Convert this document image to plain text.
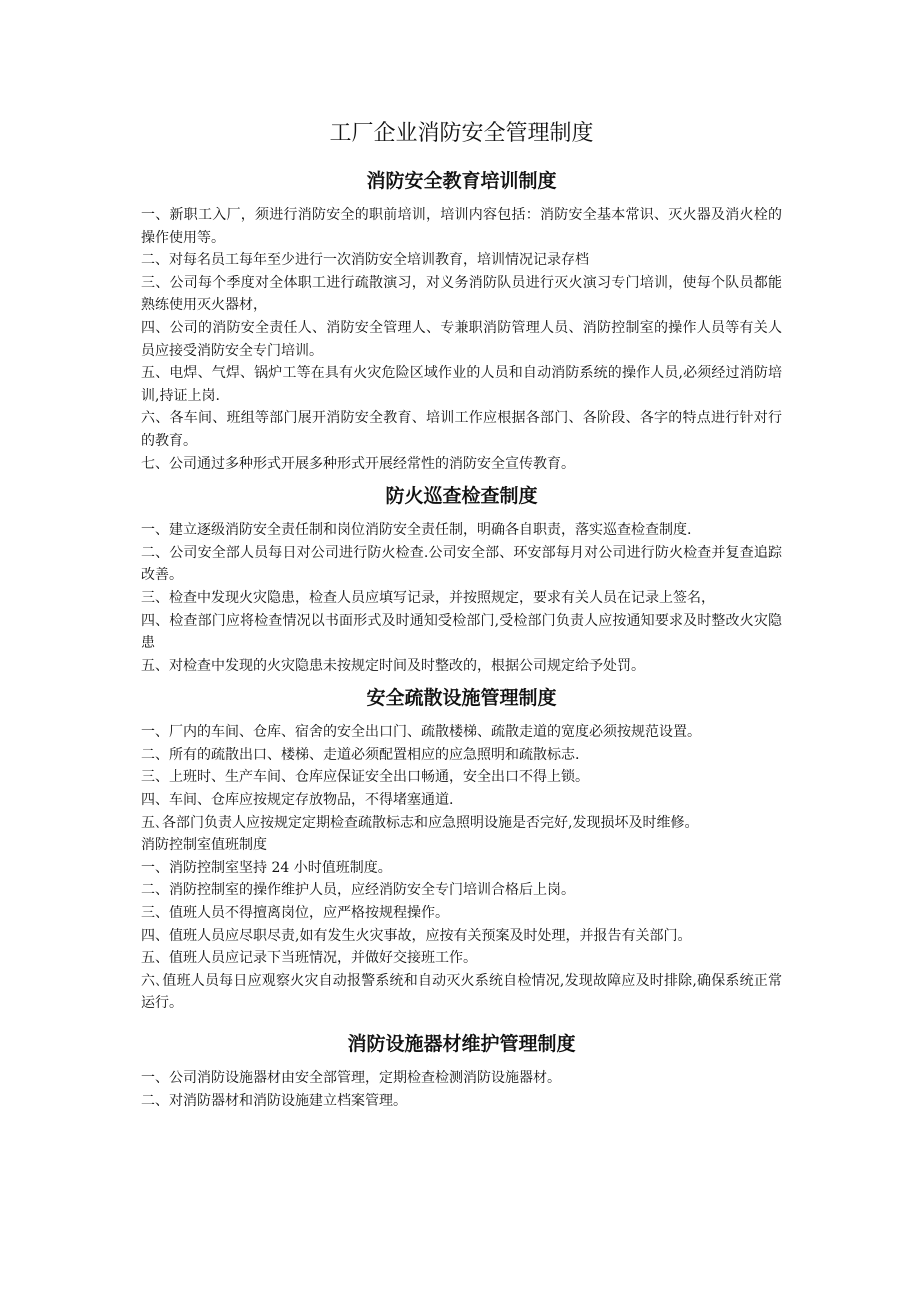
工厂企业消防安全管理制度
消防安全教育培训制度

一、新职工入厂，须进行消防安全的职前培训，培训内容包括：消防安全基本常识、灭火器及消火栓的操作使用等。

二、对每名员工每年至少进行一次消防安全培训教育，培训情况记录存档

三、公司每个季度对全体职工进行疏散演习，对义务消防队员进行灭火演习专门培训，使每个队员都能熟练使用灭火器材，

四、公司的消防安全责任人、消防安全管理人、专兼职消防管理人员、消防控制室的操作人员等有关人员应接受消防安全专门培训。

五、电焊、气焊、锅炉工等在具有火灾危险区域作业的人员和自动消防系统的操作人员,必须经过消防培训,持证上岗.

六、各车间、班组等部门展开消防安全教育、培训工作应根据各部门、各阶段、各字的特点进行针对行的教育。

七、公司通过多种形式开展多种形式开展经常性的消防安全宣传教育。

防火巡查检查制度

一、建立逐级消防安全责任制和岗位消防安全责任制，明确各自职责，落实巡查检查制度.

二、公司安全部人员每日对公司进行防火检查.公司安全部、环安部每月对公司进行防火检查并复查追踪改善。

三、检查中发现火灾隐患，检查人员应填写记录，并按照规定，要求有关人员在记录上签名，

四、检查部门应将检查情况以书面形式及时通知受检部门,受检部门负责人应按通知要求及时整改火灾隐患

五、对检查中发现的火灾隐患未按规定时间及时整改的，根据公司规定给予处罚。

安全疏散设施管理制度

一、厂内的车间、仓库、宿舍的安全出口门、疏散楼梯、疏散走道的宽度必须按规范设置。

二、所有的疏散出口、楼梯、走道必须配置相应的应急照明和疏散标志.

三、上班时、生产车间、仓库应保证安全出口畅通，安全出口不得上锁。

四、车间、仓库应按规定存放物品，不得堵塞通道.

五､各部门负责人应按规定定期检查疏散标志和应急照明设施是否完好,发现损坏及时维修。

消防控制室值班制度

一、消防控制室坚持 24 小时值班制度。

二、消防控制室的操作维护人员，应经消防安全专门培训合格后上岗。

三、值班人员不得擅离岗位，应严格按规程操作。

四、值班人员应尽职尽责,如有发生火灾事故，应按有关预案及时处理，并报告有关部门。

五、值班人员应记录下当班情况，并做好交接班工作。

六､值班人员每日应观察火灾自动报警系统和自动灭火系统自检情况,发现故障应及时排除,确保系统正常运行。

消防设施器材维护管理制度

一、公司消防设施器材由安全部管理，定期检查检测消防设施器材。

二、对消防器材和消防设施建立档案管理。
